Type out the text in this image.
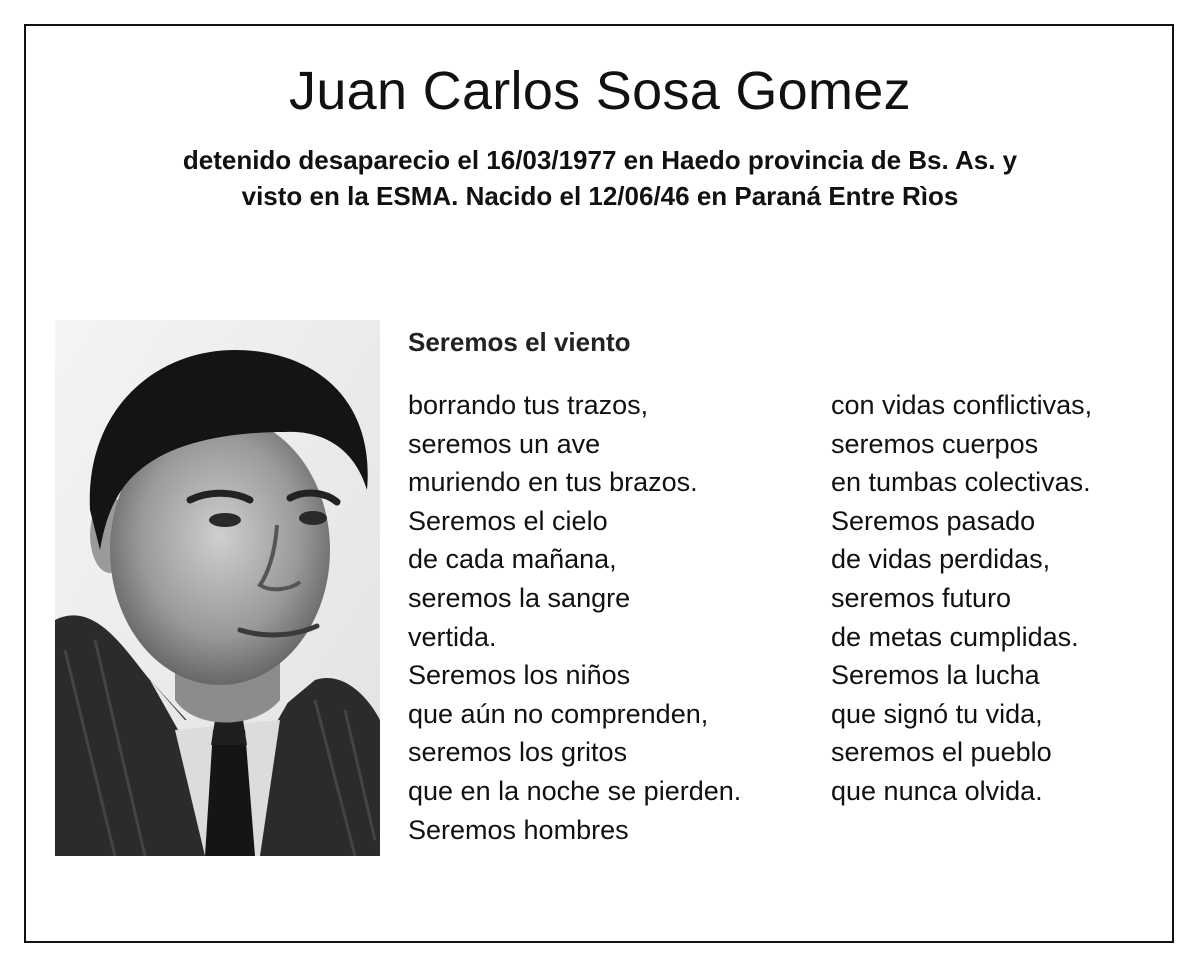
Juan Carlos Sosa Gomez
detenido desaparecio el 16/03/1977 en Haedo provincia de Bs. As. y
visto en la ESMA. Nacido el 12/06/46 en Paraná Entre Rìos
Seremos el viento
borrando tus trazos,
seremos un ave
muriendo en tus brazos.
Seremos el cielo
de cada mañana,
seremos la sangre
vertida.
Seremos los niños
que aún no comprenden,
seremos los gritos
que en la noche se pierden.
Seremos hombres
con vidas conflictivas,
seremos cuerpos
en tumbas colectivas.
Seremos pasado
de vidas perdidas,
seremos futuro
de metas cumplidas.
Seremos la lucha
que signó tu vida,
seremos el pueblo
que nunca olvida.
